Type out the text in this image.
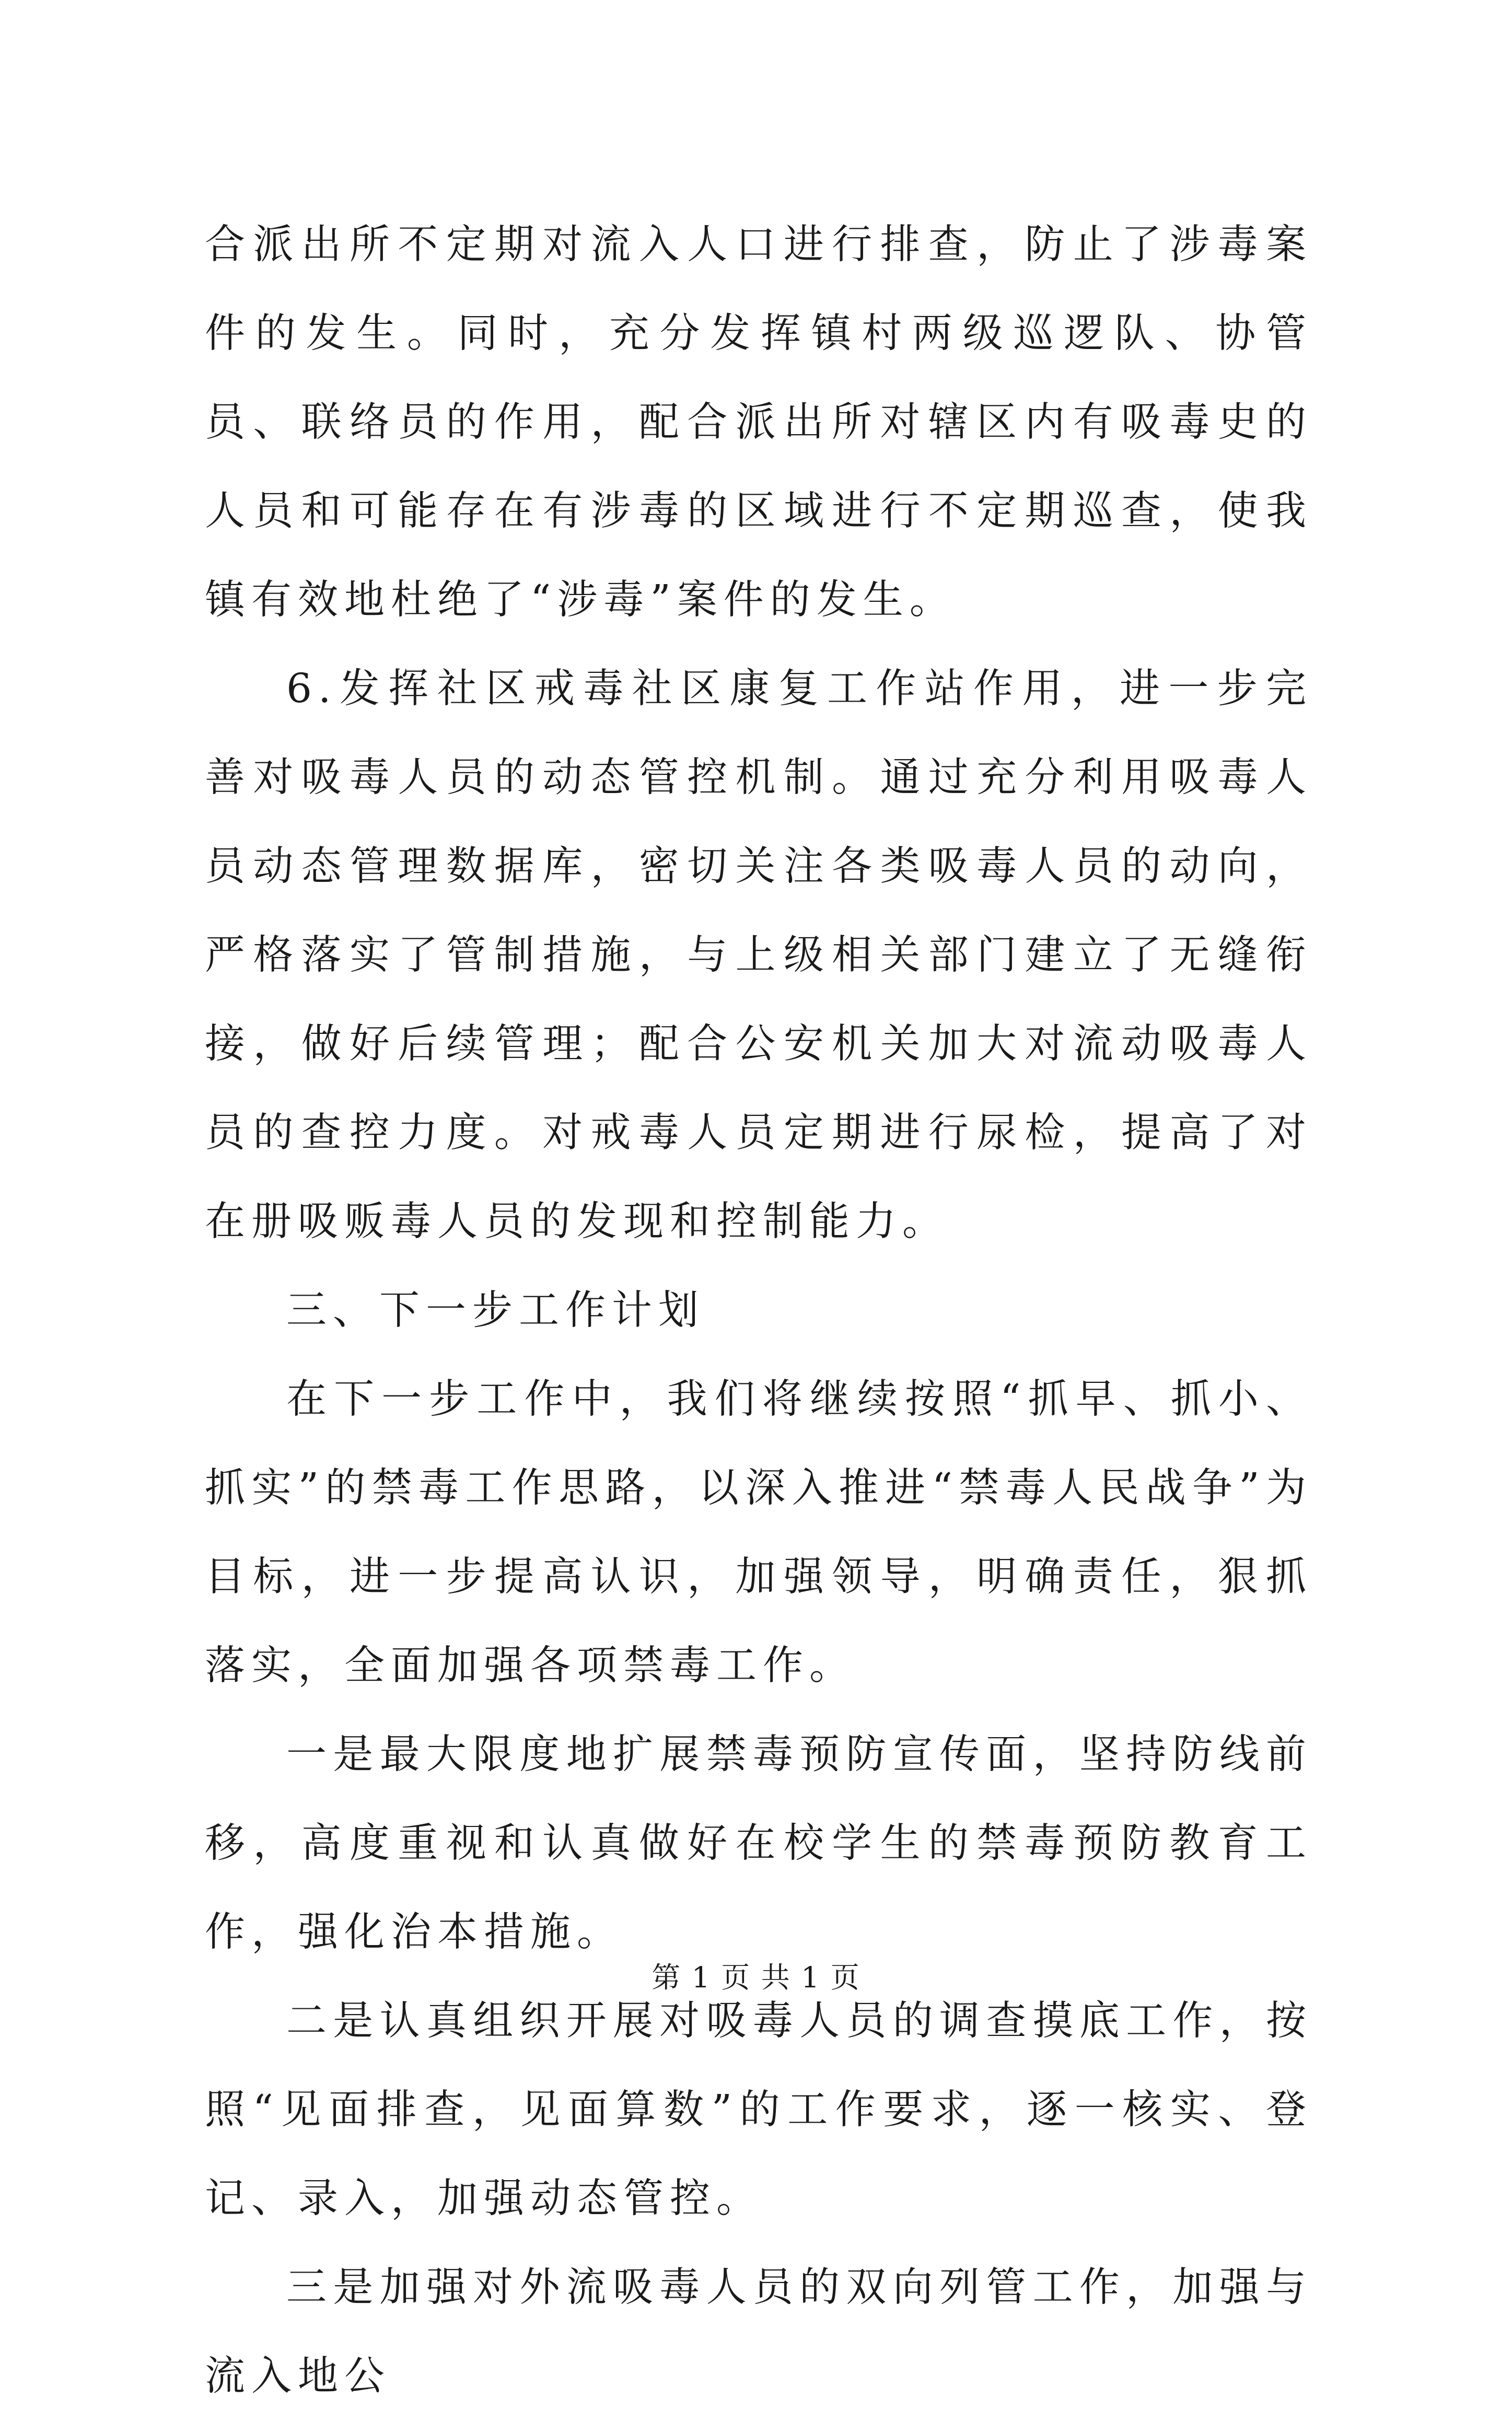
合派出所不定期对流入人口进行排查，防止了涉毒案件的发生。同时，充分发挥镇村两级巡逻队、协管员、联络员的作用，配合派出所对辖区内有吸毒史的人员和可能存在有涉毒的区域进行不定期巡查，使我镇有效地杜绝了“涉毒”案件的发生。

6.发挥社区戒毒社区康复工作站作用，进一步完善对吸毒人员的动态管控机制。通过充分利用吸毒人员动态管理数据库，密切关注各类吸毒人员的动向，严格落实了管制措施，与上级相关部门建立了无缝衔接，做好后续管理；配合公安机关加大对流动吸毒人员的查控力度。对戒毒人员定期进行尿检，提高了对在册吸贩毒人员的发现和控制能力。

三、下一步工作计划

在下一步工作中，我们将继续按照“抓早、抓小、抓实”的禁毒工作思路，以深入推进“禁毒人民战争”为目标，进一步提高认识，加强领导，明确责任，狠抓落实，全面加强各项禁毒工作。

一是最大限度地扩展禁毒预防宣传面，坚持防线前移，高度重视和认真做好在校学生的禁毒预防教育工作，强化治本措施。

二是认真组织开展对吸毒人员的调查摸底工作，按照“见面排查，见面算数”的工作要求，逐一核实、登记、录入，加强动态管控。

三是加强对外流吸毒人员的双向列管工作，加强与流入地公

第 1 页 共 1 页
